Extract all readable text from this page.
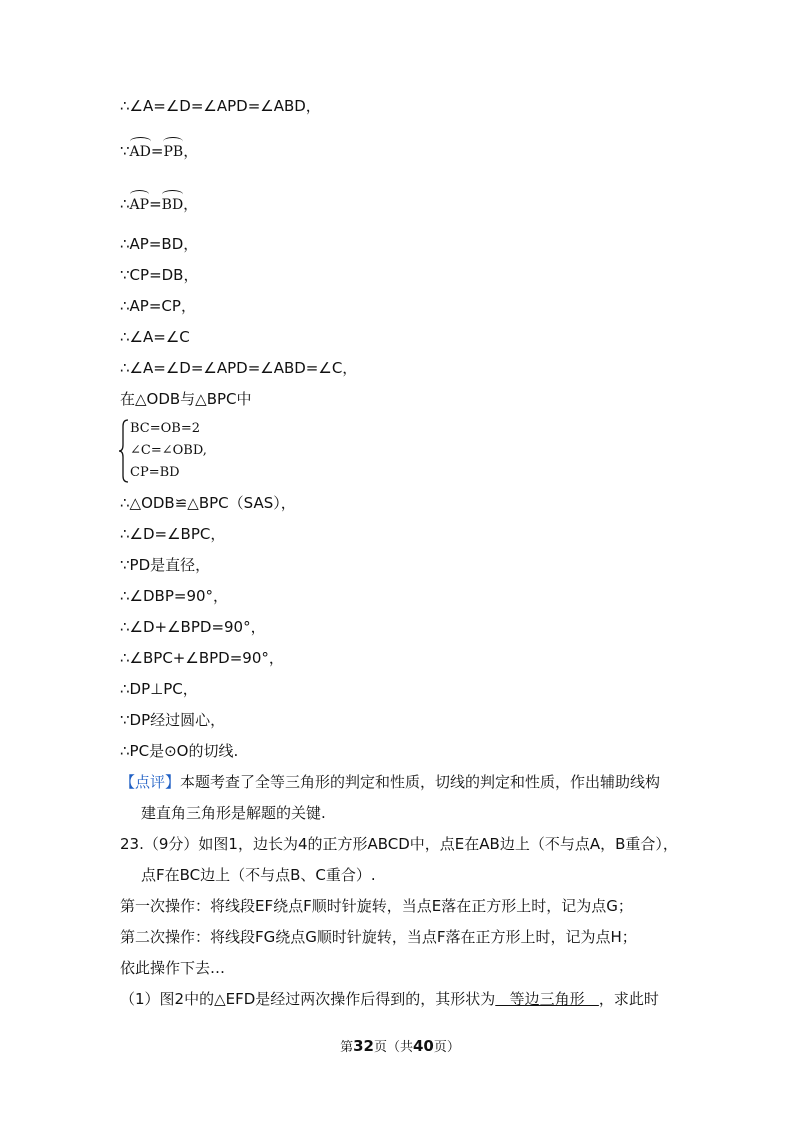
∴∠A=∠D=∠APD=∠ABD，
∵AD=PB，
∴AP=BD，
∴AP=BD，
∵CP=DB，
∴AP=CP，
∴∠A=∠C
∴∠A=∠D=∠APD=∠ABD=∠C，
在△ODB与△BPC中
BC=OB=2
∠C=∠OBD,
CP=BD
∴△ODB≌△BPC（SAS），
∴∠D=∠BPC，
∵PD是直径，
∴∠DBP=90°，
∴∠D+∠BPD=90°，
∴∠BPC+∠BPD=90°，
∴DP⊥PC，
∵DP经过圆心，
∴PC是⊙O的切线.
【点评】本题考查了全等三角形的判定和性质，切线的判定和性质，作出辅助线构
建直角三角形是解题的关键.
23.（9分）如图1，边长为4的正方形ABCD中，点E在AB边上（不与点A，B重合），
点F在BC边上（不与点B、C重合）.
第一次操作：将线段EF绕点F顺时针旋转，当点E落在正方形上时，记为点G；
第二次操作：将线段FG绕点G顺时针旋转，当点F落在正方形上时，记为点H；
依此操作下去…
（1）图2中的△EFD是经过两次操作后得到的，其形状为   等边三角形   ，求此时
第32页（共40页）
